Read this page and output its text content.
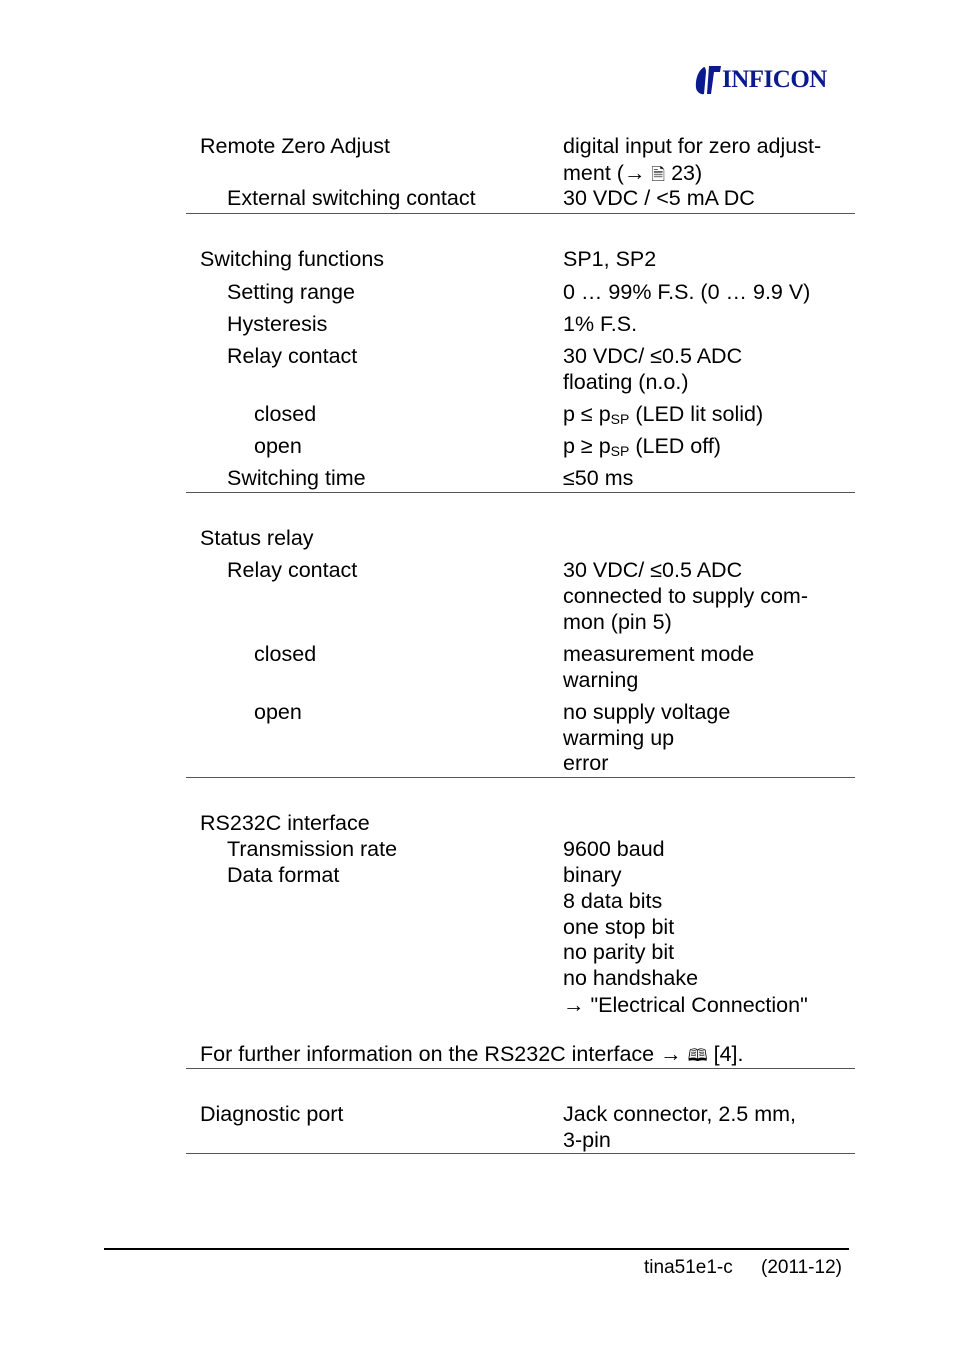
INFICON
Remote Zero Adjust	digital input for zero adjust-
ment (→ 🗎 23)
External switching contact	30 VDC / <5 mA DC
Switching functions	SP1, SP2
Setting range	0 … 99% F.S. (0 … 9.9 V)
Hysteresis	1% F.S.
Relay contact	30 VDC/ ≤0.5 ADC
floating (n.o.)
closed	$p \le p_{SP}$ (LED lit solid)
open	$p \ge p_{SP}$ (LED off)
Switching time	≤50 ms
Status relay
Relay contact	30 VDC/ ≤0.5 ADC
connected to supply com-
mon (pin 5)
closed	measurement mode
warning
open	no supply voltage
warming up
error
RS232C interface
Transmission rate	9600 baud
Data format	binary
8 data bits
one stop bit
no parity bit
no handshake
→ "Electrical Connection"
For further information on the RS232C interface → 🕮 [4].
Diagnostic port	Jack connector, 2.5 mm,
3-pin
tina51e1-c (2011-12)
